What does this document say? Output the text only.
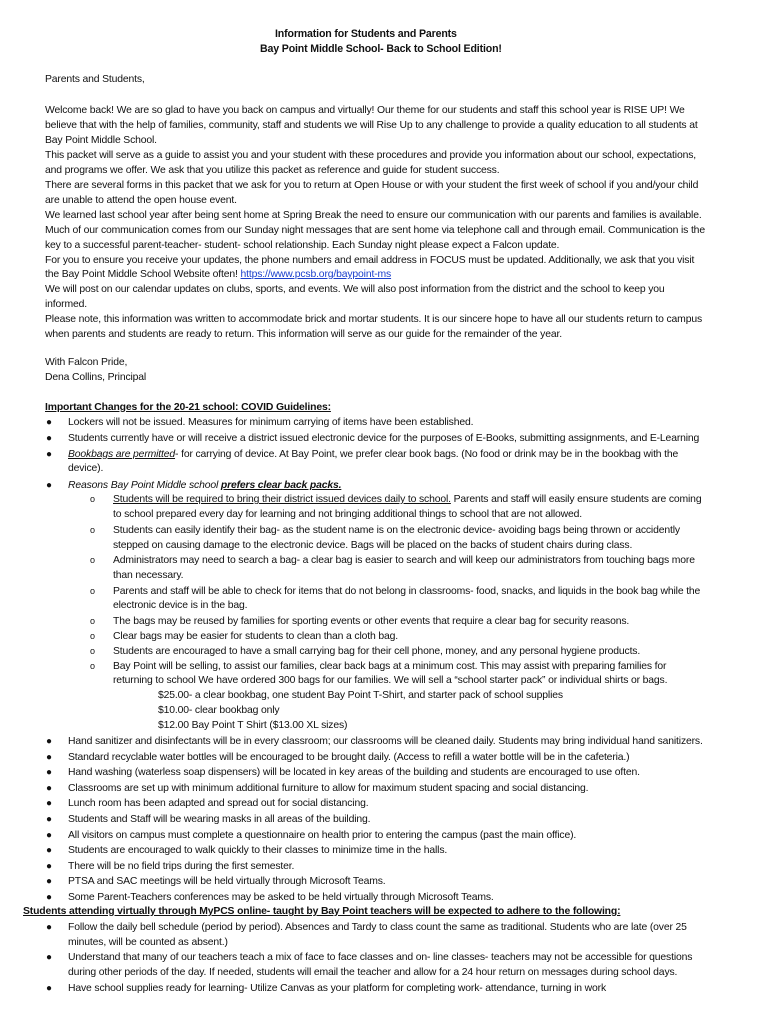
Information for Students and Parents
Bay Point Middle School- Back to School Edition!
Parents and Students,
Welcome back! We are so glad to have you back on campus and virtually! Our theme for our students and staff this school year is RISE UP! We
believe that with the help of families, community, staff and students we will Rise Up to any challenge to provide a quality education to all students at
Bay Point Middle School.
This packet will serve as a guide to assist you and your student with these procedures and provide you information about our school, expectations,
and programs we offer. We ask that you utilize this packet as reference and guide for student success.
There are several forms in this packet that we ask for you to return at Open House or with your student the first week of school if you and/your child
are unable to attend the open house event.
We learned last school year after being sent home at Spring Break the need to ensure our communication with our parents and families is available.
Much of our communication comes from our Sunday night messages that are sent home via telephone call and through email. Communication is the
key to a successful parent-teacher- student- school relationship. Each Sunday night please expect a Falcon update.
For you to ensure you receive your updates, the phone numbers and email address in FOCUS must be updated. Additionally, we ask that you visit
the Bay Point Middle School Website often! https://www.pcsb.org/baypoint-ms
We will post on our calendar updates on clubs, sports, and events. We will also post information from the district and the school to keep you
informed.
Please note, this information was written to accommodate brick and mortar students. It is our sincere hope to have all our students return to campus
when parents and students are ready to return. This information will serve as our guide for the remainder of the year.
With Falcon Pride,
Dena Collins, Principal
Important Changes for the 20-21 school: COVID Guidelines:
● Lockers will not be issued. Measures for minimum carrying of items have been established.
● Students currently have or will receive a district issued electronic device for the purposes of E-Books, submitting assignments, and E-Learning
● Bookbags are permitted- for carrying of device. At Bay Point, we prefer clear book bags. (No food or drink may be in the bookbag with the
device).
● Reasons Bay Point Middle school prefers clear back packs.
o Students will be required to bring their district issued devices daily to school. Parents and staff will easily ensure students are coming
to school prepared every day for learning and not bringing additional things to school that are not allowed.
o Students can easily identify their bag- as the student name is on the electronic device- avoiding bags being thrown or accidently
stepped on causing damage to the electronic device. Bags will be placed on the backs of student chairs during class.
o Administrators may need to search a bag- a clear bag is easier to search and will keep our administrators from touching bags more
than necessary.
o Parents and staff will be able to check for items that do not belong in classrooms- food, snacks, and liquids in the book bag while the
electronic device is in the bag.
o The bags may be reused by families for sporting events or other events that require a clear bag for security reasons.
o Clear bags may be easier for students to clean than a cloth bag.
o Students are encouraged to have a small carrying bag for their cell phone, money, and any personal hygiene products.
o Bay Point will be selling, to assist our families, clear back bags at a minimum cost. This may assist with preparing families for
returning to school We have ordered 300 bags for our families. We will sell a “school starter pack” or individual shirts or bags.
$25.00- a clear bookbag, one student Bay Point T-Shirt, and starter pack of school supplies
$10.00- clear bookbag only
$12.00 Bay Point T Shirt ($13.00 XL sizes)
● Hand sanitizer and disinfectants will be in every classroom; our classrooms will be cleaned daily. Students may bring individual hand sanitizers.
● Standard recyclable water bottles will be encouraged to be brought daily. (Access to refill a water bottle will be in the cafeteria.)
● Hand washing (waterless soap dispensers) will be located in key areas of the building and students are encouraged to use often.
● Classrooms are set up with minimum additional furniture to allow for maximum student spacing and social distancing.
● Lunch room has been adapted and spread out for social distancing.
● Students and Staff will be wearing masks in all areas of the building.
● All visitors on campus must complete a questionnaire on health prior to entering the campus (past the main office).
● Students are encouraged to walk quickly to their classes to minimize time in the halls.
● There will be no field trips during the first semester.
● PTSA and SAC meetings will be held virtually through Microsoft Teams.
● Some Parent-Teachers conferences may be asked to be held virtually through Microsoft Teams.
Students attending virtually through MyPCS online- taught by Bay Point teachers will be expected to adhere to the following:
● Follow the daily bell schedule (period by period). Absences and Tardy to class count the same as traditional. Students who are late (over 25
minutes, will be counted as absent.)
● Understand that many of our teachers teach a mix of face to face classes and on- line classes- teachers may not be accessible for questions
during other periods of the day. If needed, students will email the teacher and allow for a 24 hour return on messages during school days.
● Have school supplies ready for learning- Utilize Canvas as your platform for completing work- attendance, turning in work
